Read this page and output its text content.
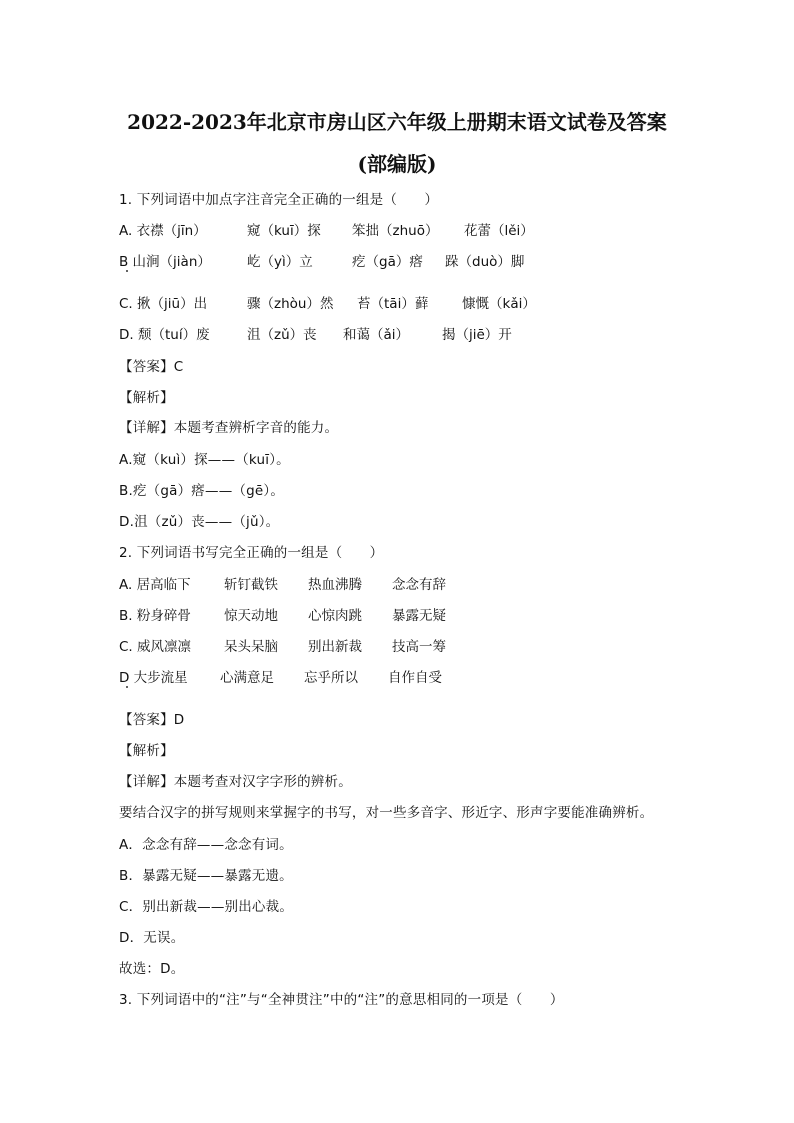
2022-2023年北京市房山区六年级上册期末语文试卷及答案
(部编版)
1. 下列词语中加点字注音完全正确的一组是（　　）
A. 衣襟（jīn）	窥（kuī）探 笨拙（zhuō） 花蕾（lěi）
B 山涧（jiàn）	屹（yì）立	疙（gā）瘩 跺（duò）脚
C. 揪（jiū）出	骤（zhòu）然 苔（tāi）藓 慷慨（kǎi）
D. 颓（tuí）废	沮（zǔ）丧 和蔼（ǎi） 揭（jiē）开
【答案】C
【解析】
【详解】本题考查辨析字音的能力。
A.窥（kuì）探——（kuī）。
B.疙（gā）瘩——（gē）。
D.沮（zǔ）丧——（jǔ）。
2. 下列词语书写完全正确的一组是（　　）
A. 居高临下 斩钉截铁 热血沸腾 念念有辞
B. 粉身碎骨 惊天动地 心惊肉跳 暴露无疑
C. 威风凛凛 呆头呆脑 别出新裁 技高一筹
D 大步流星 心满意足 忘乎所以 自作自受
【答案】D
【解析】
【详解】本题考查对汉字字形的辨析。
要结合汉字的拼写规则来掌握字的书写，对一些多音字、形近字、形声字要能准确辨析。
A．念念有辞——念念有词。
B．暴露无疑——暴露无遗。
C．别出新裁——别出心裁。
D．无误。
故选：D。
3. 下列词语中的“注”与“全神贯注”中的“注”的意思相同的一项是（　　）
